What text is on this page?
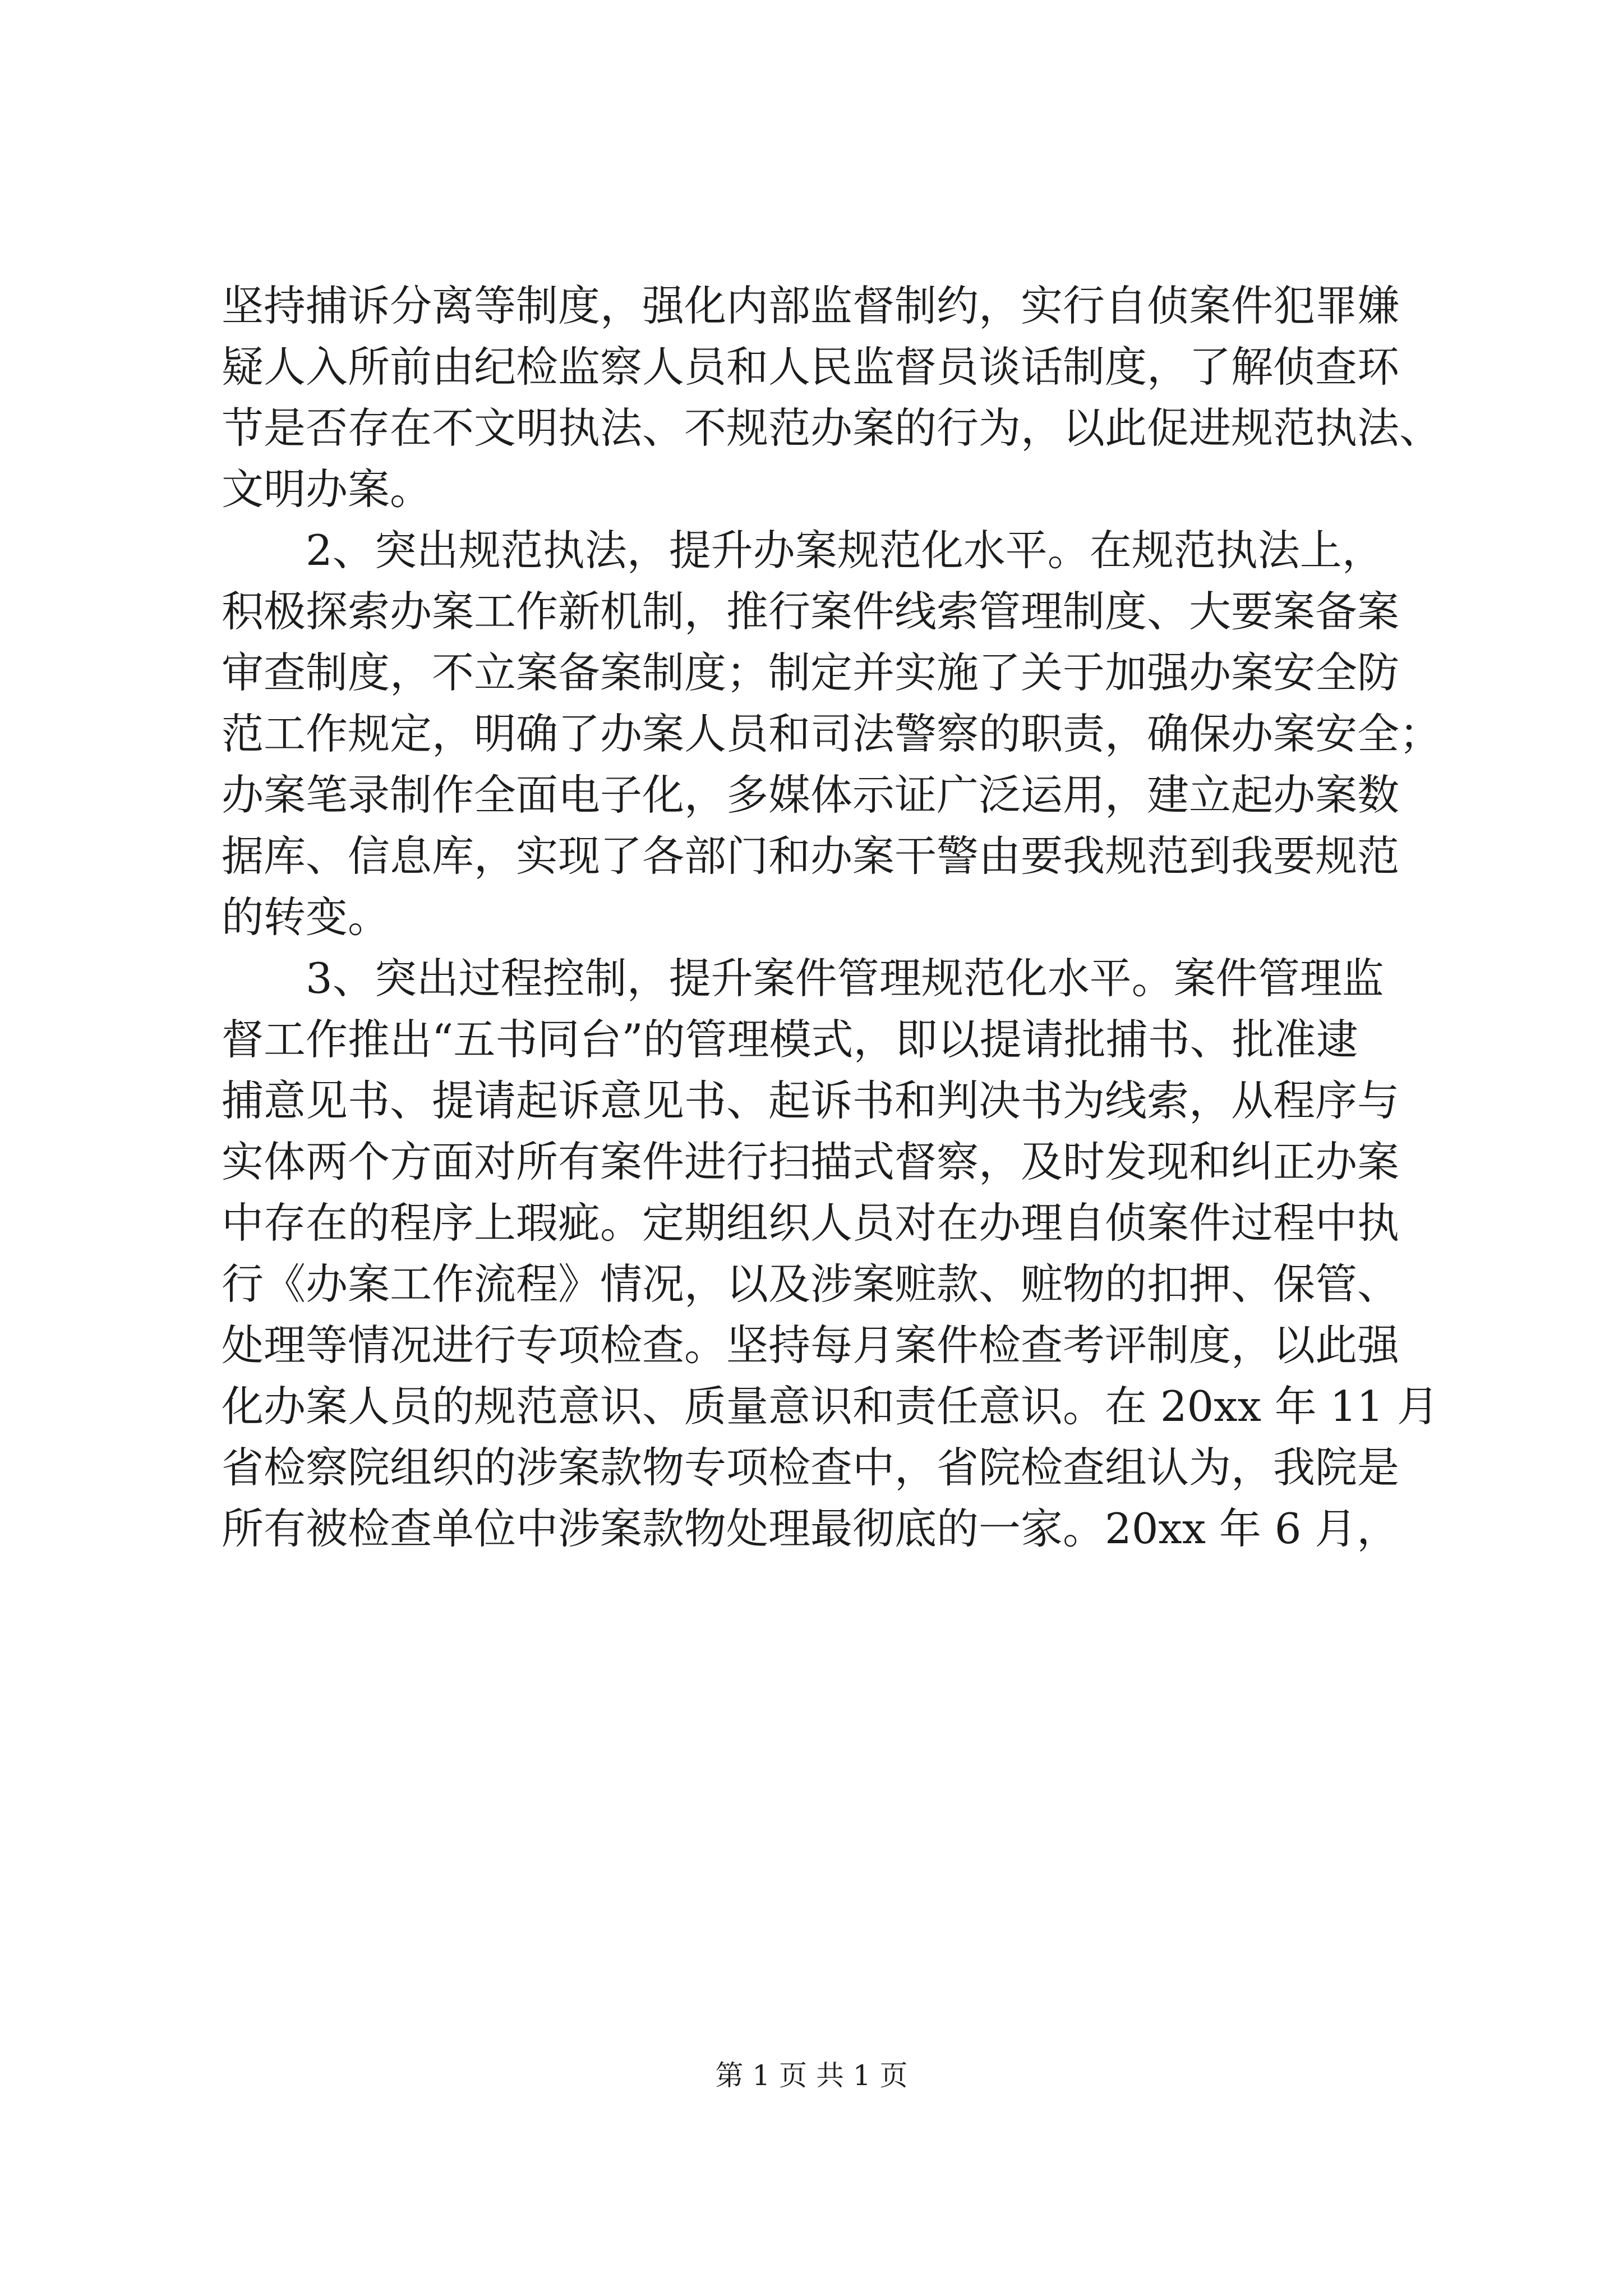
坚持捕诉分离等制度，强化内部监督制约，实行自侦案件犯罪嫌
疑人入所前由纪检监察人员和人民监督员谈话制度，了解侦查环
节是否存在不文明执法、不规范办案的行为，以此促进规范执法、
文明办案。
2、突出规范执法，提升办案规范化水平。在规范执法上，
积极探索办案工作新机制，推行案件线索管理制度、大要案备案
审查制度，不立案备案制度；制定并实施了关于加强办案安全防
范工作规定，明确了办案人员和司法警察的职责，确保办案安全；
办案笔录制作全面电子化，多媒体示证广泛运用，建立起办案数
据库、信息库，实现了各部门和办案干警由要我规范到我要规范
的转变。
3、突出过程控制，提升案件管理规范化水平。案件管理监
督工作推出“五书同台”的管理模式，即以提请批捕书、批准逮
捕意见书、提请起诉意见书、起诉书和判决书为线索，从程序与
实体两个方面对所有案件进行扫描式督察，及时发现和纠正办案
中存在的程序上瑕疵。定期组织人员对在办理自侦案件过程中执
行《办案工作流程》情况，以及涉案赃款、赃物的扣押、保管、
处理等情况进行专项检查。坚持每月案件检查考评制度，以此强
化办案人员的规范意识、质量意识和责任意识。在 20xx 年 11 月
省检察院组织的涉案款物专项检查中，省院检查组认为，我院是
所有被检查单位中涉案款物处理最彻底的一家。20xx 年 6 月，
第 1 页 共 1 页
